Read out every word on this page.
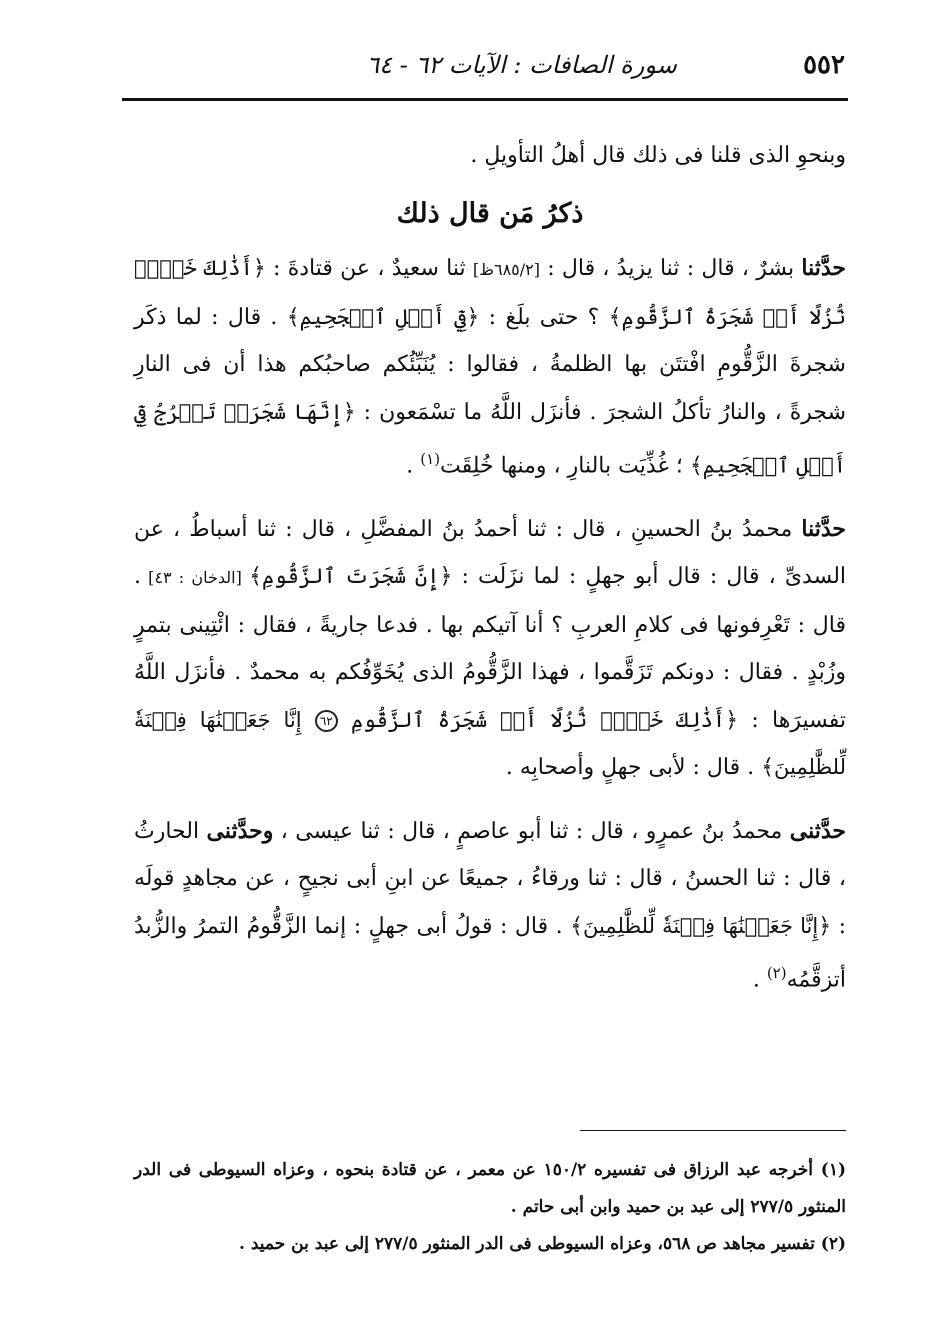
٥٥٢
سورة الصافات : الآيات ٦٢ - ٦٤

وبنحوِ الذى قلنا فى ذلك قال أهلُ التأويلِ .

ذكرُ مَن قال ذلك

حدَّثنا بشرٌ ، قال : ثنا يزيدُ ، قال : [٦٨٥/٢ظ] ثنا سعيدٌ ، عن قتادةَ : ﴿أَذَٰلِكَ خَيۡرٞ نُّزُلًا أَمۡ شَجَرَةُ ٱلزَّقُّومِ﴾ ؟ حتى بلَغ : ﴿فِيٓ أَصۡلِ ٱلۡجَحِيمِ﴾ . قال : لما ذكَر شجرةَ الزَّقُّومِ افْتتَن بها الظلمةُ ، فقالوا : يُنَبِّئُكم صاحبُكم هذا أن فى النارِ شجرةً ، والنارُ تأكلُ الشجرَ . فأنزَل اللَّهُ ما تسْمَعون : ﴿إِنَّهَا شَجَرَةٞ تَخۡرُجُ فِيٓ أَصۡلِ ٱلۡجَحِيمِ﴾ ؛ غُذِّيَت بالنارِ ، ومنها خُلِقَت$^{(١)}$ .

حدَّثنا محمدُ بنُ الحسينِ ، قال : ثنا أحمدُ بنُ المفضَّلِ ، قال : ثنا أسباطُ ، عن السدىِّ ، قال : قال أبو جهلٍ : لما نزَلَت : ﴿إِنَّ شَجَرَتَ ٱلزَّقُّومِ﴾ [الدخان : ٤٣] . قال : تَعْرِفونها فى كلامِ العربِ ؟ أنا آتيكم بها . فدعا جاريةً ، فقال : ائْتِينى بتمرٍ وزُبْدٍ . فقال : دونكم تَزَقَّموا ، فهذا الزَّقُّومُ الذى يُخَوِّفُكم به محمدٌ . فأنزَل اللَّهُ تفسيرَها : ﴿أَذَٰلِكَ خَيۡرٞ نُّزُلًا أَمۡ شَجَرَةُ ٱلزَّقُّومِ ٦٢ إِنَّا جَعَلۡنَٰهَا فِتۡنَةٗ لِّلظَّٰلِمِينَ﴾ . قال : لأبى جهلٍ وأصحابِه .

حدَّثنى محمدُ بنُ عمرٍو ، قال : ثنا أبو عاصمٍ ، قال : ثنا عيسى ، وحدَّثنى الحارثُ ، قال : ثنا الحسنُ ، قال : ثنا ورقاءُ ، جميعًا عن ابنِ أبى نجيحٍ ، عن مجاهدٍ قولَه : ﴿إِنَّا جَعَلۡنَٰهَا فِتۡنَةٗ لِّلظَّٰلِمِينَ﴾ . قال : قولُ أبى جهلٍ : إنما الزَّقُّومُ التمرُ والزُّبدُ أتزقَّمُه$^{(٢)}$ .

(١) أخرجه عبد الرزاق فى تفسيره ١٥٠/٢ عن معمر ، عن قتادة بنحوه ، وعزاه السيوطى فى الدر المنثور ٢٧٧/٥ إلى عبد بن حميد وابن أبى حاتم .

(٢) تفسير مجاهد ص ٥٦٨، وعزاه السيوطى فى الدر المنثور ٢٧٧/٥ إلى عبد بن حميد .
